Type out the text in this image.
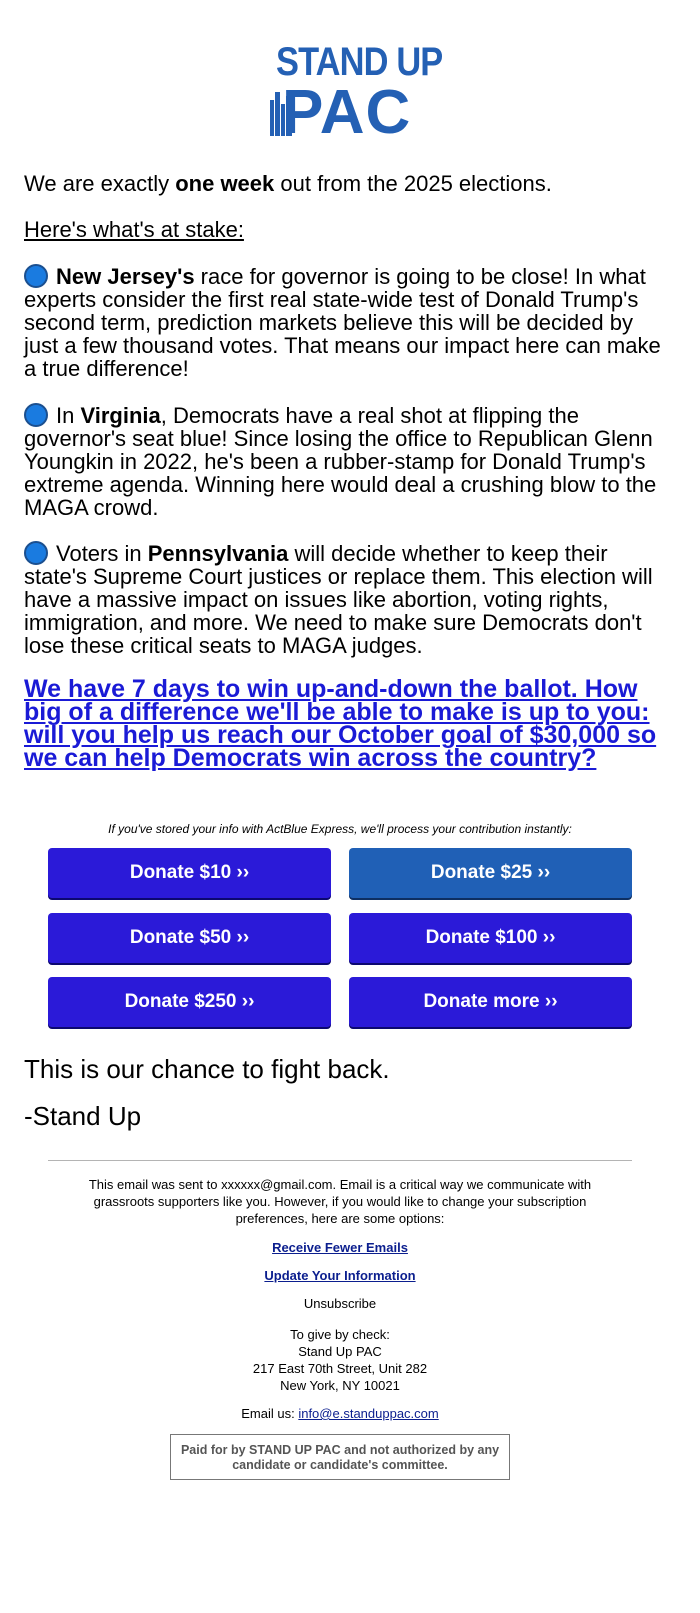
STAND UP
PAC
We are exactly one week out from the 2025 elections.
Here's what's at stake:
New Jersey's race for governor is going to be close! In what experts consider the first real state-wide test of Donald Trump's second term, prediction markets believe this will be decided by just a few thousand votes. That means our impact here can make a true difference!
In Virginia, Democrats have a real shot at flipping the governor's seat blue! Since losing the office to Republican Glenn Youngkin in 2022, he's been a rubber-stamp for Donald Trump's extreme agenda. Winning here would deal a crushing blow to the MAGA crowd.
Voters in Pennsylvania will decide whether to keep their state's Supreme Court justices or replace them. This election will have a massive impact on issues like abortion, voting rights, immigration, and more. We need to make sure Democrats don't lose these critical seats to MAGA judges.
We have 7 days to win up-and-down the ballot. How big of a difference we'll be able to make is up to you: will you help us reach our October goal of $30,000 so we can help Democrats win across the country?
If you've stored your info with ActBlue Express, we'll process your contribution instantly:
Donate $10 ››	Donate $25 ››
Donate $50 ››	Donate $100 ››
Donate $250 ››	Donate more ››
This is our chance to fight back.
-Stand Up
This email was sent to xxxxxx@gmail.com. Email is a critical way we communicate with grassroots supporters like you. However, if you would like to change your subscription preferences, here are some options:
Receive Fewer Emails
Update Your Information
Unsubscribe
To give by check:
Stand Up PAC
217 East 70th Street, Unit 282
New York, NY 10021
Email us: info@e.standuppac.com
Paid for by STAND UP PAC and not authorized by any candidate or candidate's committee.
